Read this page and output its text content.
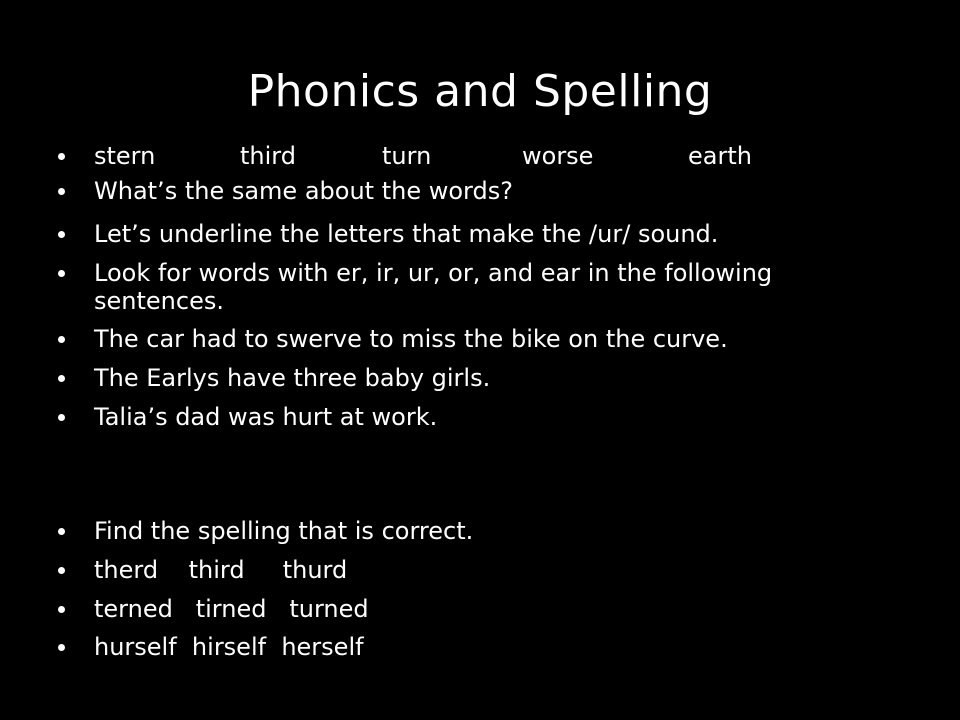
Phonics and Spelling
stern	third	turn	worse	earth
What’s the same about the words?
Let’s underline the letters that make the /ur/ sound.
Look for words with er, ir, ur, or, and ear in the following sentences.
The car had to swerve to miss the bike on the curve.
The Earlys have three baby girls.
Talia’s dad was hurt at work.
Find the spelling that is correct.
therd    third     thurd
terned   tirned   turned
hurself  hirself  herself
